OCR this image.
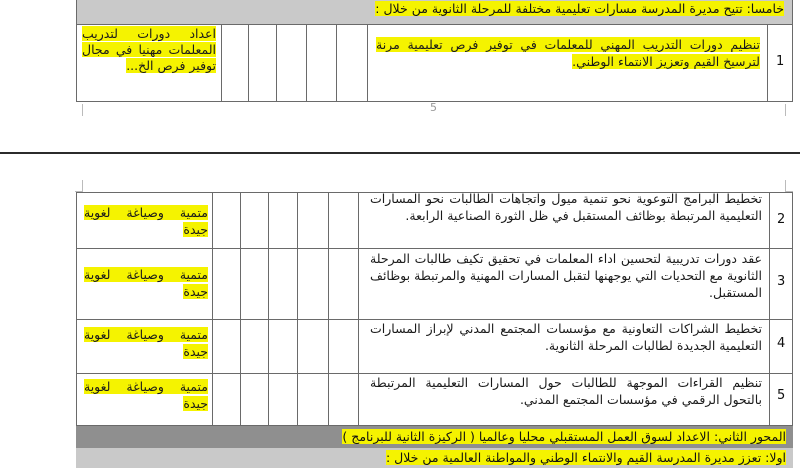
خامسا: تتيح مديرة المدرسة مسارات تعليمية مختلفة للمرحلة الثانوية من خلال :
1
تنظيم دورات التدريب المهني للمعلمات في توفير فرص تعليمية مرنة لترسيخ القيم وتعزيز الانتماء الوطني.
اعداد دورات لتدريب المعلمات مهنيا في مجال توفير فرص الخ...
5
2
تخطيط البرامج التوعوية نحو تنمية ميول واتجاهات الطالبات نحو المسارات التعليمية المرتبطة بوظائف المستقبل في ظل الثورة الصناعية الرابعة.
متمية وصياغة لغوية جيدة
3
عقد دورات تدريبية لتحسين اداء المعلمات في تحقيق تكيف طالبات المرحلة الثانوية مع التحديات التي يوجهنها لتقبل المسارات المهنية والمرتبطة بوظائف المستقبل.
متمية وصياغة لغوية جيدة
4
تخطيط الشراكات التعاونية مع مؤسسات المجتمع المدني لإبراز المسارات التعليمية الجديدة لطالبات المرحلة الثانوية.
متمية وصياغة لغوية جيدة
5
تنظيم القراءات الموجهة للطالبات حول المسارات التعليمية المرتبطة بالتحول الرقمي في مؤسسات المجتمع المدني.
متمية وصياغة لغوية جيدة
المحور الثاني: الاعداد لسوق العمل المستقبلي محليا وعالميا ( الركيزة الثانية للبرنامج )
اولا: تعزز مديرة المدرسة القيم والانتماء الوطني والمواطنة العالمية من خلال :
